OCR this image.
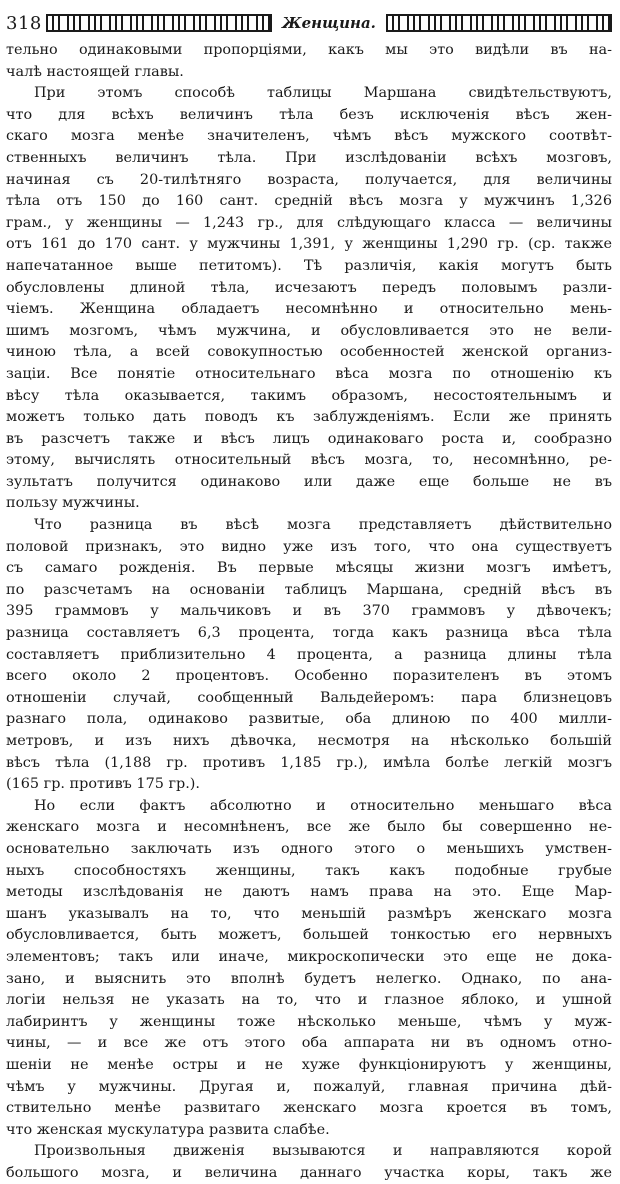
318	Женщина.
тельно одинаковыми пропорціями, какъ мы это видѣли въ на-
чалѣ настоящей главы.
При этомъ способѣ таблицы Маршана свидѣтельствуютъ,
что для всѣхъ величинъ тѣла безъ исключенія вѣсъ жен-
скаго мозга менѣе значителенъ, чѣмъ вѣсъ мужского соотвѣт-
ственныхъ величинъ тѣла. При изслѣдованіи всѣхъ мозговъ,
начиная съ 20-тилѣтняго возраста, получается, для величины
тѣла отъ 150 до 160 сант. средній вѣсъ мозга у мужчинъ 1,326
грам., у женщины — 1,243 гр., для слѣдующаго класса — величины
отъ 161 до 170 сант. у мужчины 1,391, у женщины 1,290 гр. (ср. также
напечатанное выше петитомъ). Тѣ различія, какія могутъ быть
обусловлены длиной тѣла, исчезаютъ передъ половымъ разли-
чіемъ. Женщина обладаетъ несомнѣнно и относительно мень-
шимъ мозгомъ, чѣмъ мужчина, и обусловливается это не вели-
чиною тѣла, а всей совокупностью особенностей женской организ-
заціи. Все понятіе относительнаго вѣса мозга по отношенію къ
вѣсу тѣла оказывается, такимъ образомъ, несостоятельнымъ и
можетъ только дать поводъ къ заблужденіямъ. Если же принять
въ разсчетъ также и вѣсъ лицъ одинаковаго роста и, сообразно
этому, вычислять относительный вѣсъ мозга, то, несомнѣнно, ре-
зультатъ получится одинаково или даже еще больше не въ
пользу мужчины.
Что разница въ вѣсѣ мозга представляетъ дѣйствительно
половой признакъ, это видно уже изъ того, что она существуетъ
съ самаго рожденія. Въ первые мѣсяцы жизни мозгъ имѣетъ,
по разсчетамъ на основаніи таблицъ Маршана, средній вѣсъ въ
395 граммовъ у мальчиковъ и въ 370 граммовъ у дѣвочекъ;
разница составляетъ 6,3 процента, тогда какъ разница вѣса тѣла
составляетъ приблизительно 4 процента, а разница длины тѣла
всего около 2 процентовъ. Особенно поразителенъ въ этомъ
отношеніи случай, сообщенный Вальдейеромъ: пара близнецовъ
разнаго пола, одинаково развитые, оба длиною по 400 милли-
метровъ, и изъ нихъ дѣвочка, несмотря на нѣсколько большій
вѣсъ тѣла (1,188 гр. противъ 1,185 гр.), имѣла болѣе легкій мозгъ
(165 гр. противъ 175 гр.).
Но если фактъ абсолютно и относительно меньшаго вѣса
женскаго мозга и несомнѣненъ, все же было бы совершенно не-
основательно заключать изъ одного этого о меньшихъ умствен-
ныхъ способностяхъ женщины, такъ какъ подобные грубые
методы изслѣдованія не даютъ намъ права на это. Еще Мар-
шанъ указывалъ на то, что меньшій размѣръ женскаго мозга
обусловливается, быть можетъ, большей тонкостью его нервныхъ
элементовъ; такъ или иначе, микроскопически это еще не дока-
зано, и выяснить это вполнѣ будетъ нелегко. Однако, по ана-
логіи нельзя не указать на то, что и глазное яблоко, и ушной
лабиринтъ у женщины тоже нѣсколько меньше, чѣмъ у муж-
чины, — и все же отъ этого оба аппарата ни въ одномъ отно-
шеніи не менѣе остры и не хуже функціонируютъ у женщины,
чѣмъ у мужчины. Другая и, пожалуй, главная причина дѣй-
ствительно менѣе развитаго женскаго мозга кроется въ томъ,
что женская мускулатура развита слабѣе.
Произвольныя движенія вызываются и направляются корой
большого мозга, и величина даннаго участка коры, такъ же
